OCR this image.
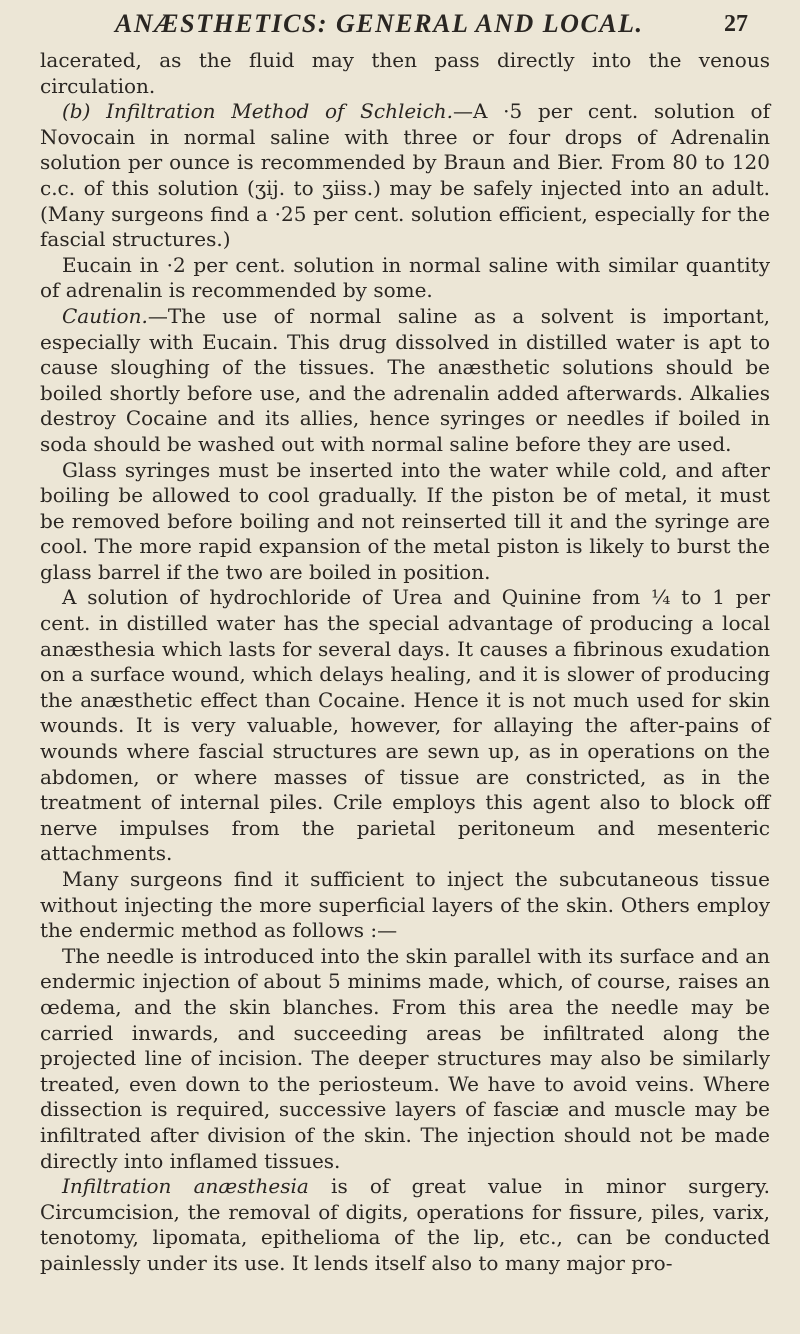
ANÆSTHETICS: GENERAL AND LOCAL.	27

lacerated, as the fluid may then pass directly into the venous circulation.

(b) Infiltration Method of Schleich.—A ·5 per cent. solution of Novocain in normal saline with three or four drops of Adrenalin solution per ounce is recommended by Braun and Bier. From 80 to 120 c.c. of this solution (ʒij. to ʒiiss.) may be safely injected into an adult. (Many surgeons find a ·25 per cent. solution efficient, especially for the fascial structures.)

Eucain in ·2 per cent. solution in normal saline with similar quantity of adrenalin is recommended by some.

Caution.—The use of normal saline as a solvent is important, especially with Eucain. This drug dissolved in distilled water is apt to cause sloughing of the tissues. The anæsthetic solutions should be boiled shortly before use, and the adrenalin added afterwards. Alkalies destroy Cocaine and its allies, hence syringes or needles if boiled in soda should be washed out with normal saline before they are used.

Glass syringes must be inserted into the water while cold, and after boiling be allowed to cool gradually. If the piston be of metal, it must be removed before boiling and not reinserted till it and the syringe are cool. The more rapid expansion of the metal piston is likely to burst the glass barrel if the two are boiled in position.

A solution of hydrochloride of Urea and Quinine from ¼ to 1 per cent. in distilled water has the special advantage of producing a local anæsthesia which lasts for several days. It causes a fibrinous exudation on a surface wound, which delays healing, and it is slower of producing the anæsthetic effect than Cocaine. Hence it is not much used for skin wounds. It is very valuable, however, for allaying the after-pains of wounds where fascial structures are sewn up, as in operations on the abdomen, or where masses of tissue are constricted, as in the treatment of internal piles. Crile employs this agent also to block off nerve impulses from the parietal peritoneum and mesenteric attachments.

Many surgeons find it sufficient to inject the subcutaneous tissue without injecting the more superficial layers of the skin. Others employ the endermic method as follows :—

The needle is introduced into the skin parallel with its surface and an endermic injection of about 5 minims made, which, of course, raises an œdema, and the skin blanches. From this area the needle may be carried inwards, and succeeding areas be infiltrated along the projected line of incision. The deeper structures may also be similarly treated, even down to the periosteum. We have to avoid veins. Where dissection is required, successive layers of fasciæ and muscle may be infiltrated after division of the skin. The injection should not be made directly into inflamed tissues.

Infiltration anæsthesia is of great value in minor surgery. Circumcision, the removal of digits, operations for fissure, piles, varix, tenotomy, lipomata, epithelioma of the lip, etc., can be conducted painlessly under its use. It lends itself also to many major pro-
